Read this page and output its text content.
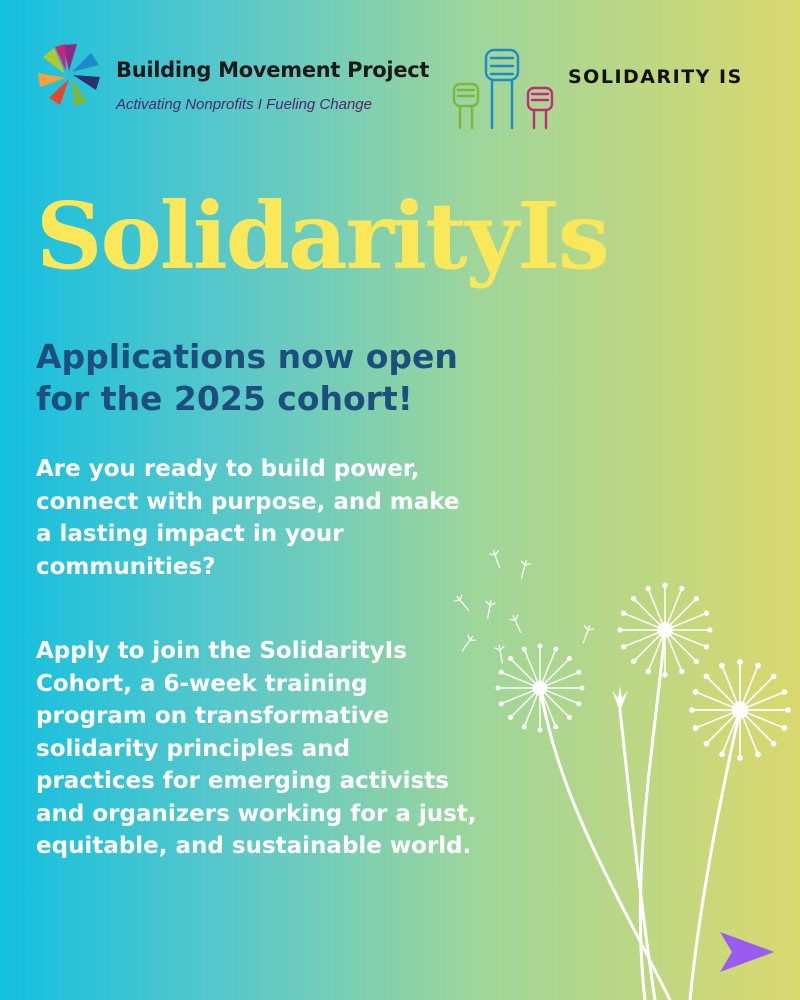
Building Movement Project
Activating Nonprofits I Fueling Change
SOLIDARITY IS
SolidarityIs
Applications now open
for the 2025 cohort!

Are you ready to build power,
connect with purpose, and make
a lasting impact in your
communities?

Apply to join the SolidarityIs
Cohort, a 6-week training
program on transformative
solidarity principles and
practices for emerging activists
and organizers working for a just,
equitable, and sustainable world.
